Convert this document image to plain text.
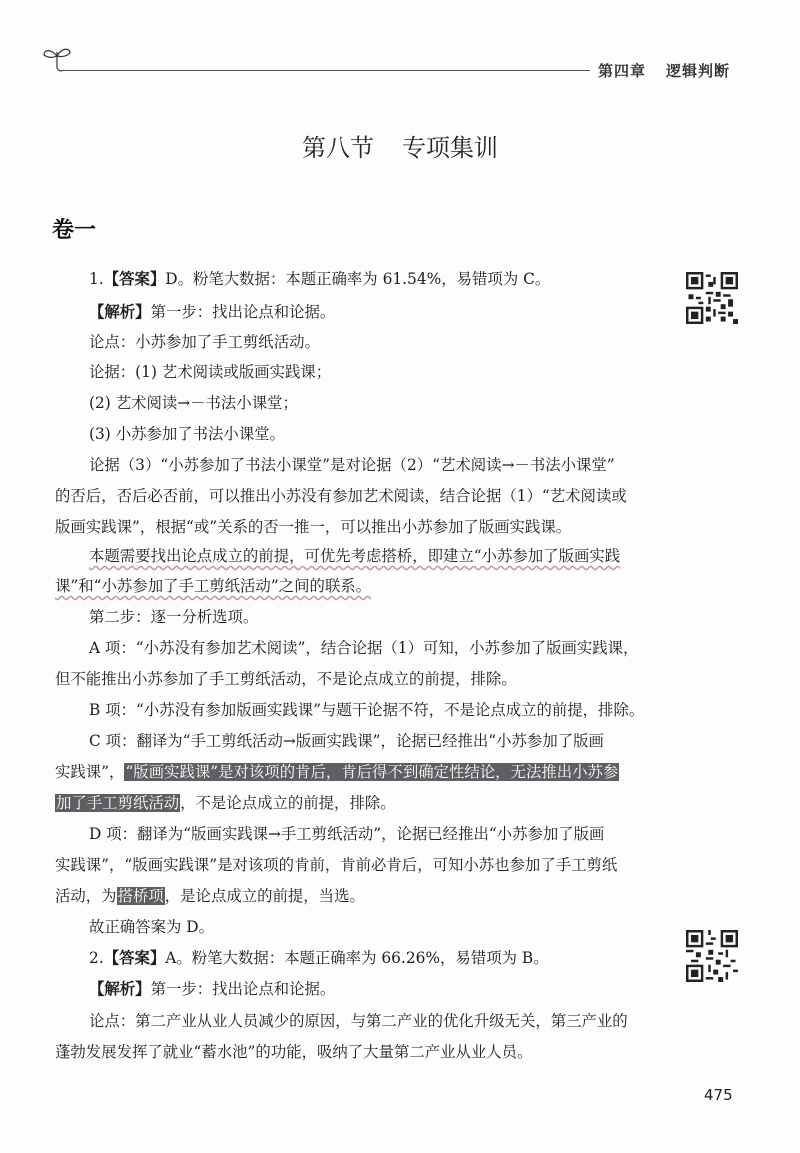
第四章 逻辑判断
第八节 专项集训
卷一
1.【答案】D。粉笔大数据：本题正确率为 61.54%，易错项为 C。
【解析】第一步：找出论点和论据。
论点：小苏参加了手工剪纸活动。
论据：(1) 艺术阅读或版画实践课；
(2) 艺术阅读→－书法小课堂；
(3) 小苏参加了书法小课堂。
论据（3）“小苏参加了书法小课堂”是对论据（2）“艺术阅读→－书法小课堂”
的否后，否后必否前，可以推出小苏没有参加艺术阅读，结合论据（1）“艺术阅读或
版画实践课”，根据“或”关系的否一推一，可以推出小苏参加了版画实践课。
本题需要找出论点成立的前提，可优先考虑搭桥，即建立“小苏参加了版画实践
课”和“小苏参加了手工剪纸活动”之间的联系。
第二步：逐一分析选项。
A 项：“小苏没有参加艺术阅读”，结合论据（1）可知，小苏参加了版画实践课，
但不能推出小苏参加了手工剪纸活动，不是论点成立的前提，排除。
B 项：“小苏没有参加版画实践课”与题干论据不符，不是论点成立的前提，排除。
C 项：翻译为“手工剪纸活动→版画实践课”，论据已经推出“小苏参加了版画
实践课”，“版画实践课”是对该项的肯后，肯后得不到确定性结论，无法推出小苏参
加了手工剪纸活动，不是论点成立的前提，排除。
D 项：翻译为“版画实践课→手工剪纸活动”，论据已经推出“小苏参加了版画
实践课”，“版画实践课”是对该项的肯前，肯前必肯后，可知小苏也参加了手工剪纸
活动，为搭桥项，是论点成立的前提，当选。
故正确答案为 D。
2.【答案】A。粉笔大数据：本题正确率为 66.26%，易错项为 B。
【解析】第一步：找出论点和论据。
论点：第二产业从业人员减少的原因，与第二产业的优化升级无关，第三产业的
蓬勃发展发挥了就业“蓄水池”的功能，吸纳了大量第二产业从业人员。
475
